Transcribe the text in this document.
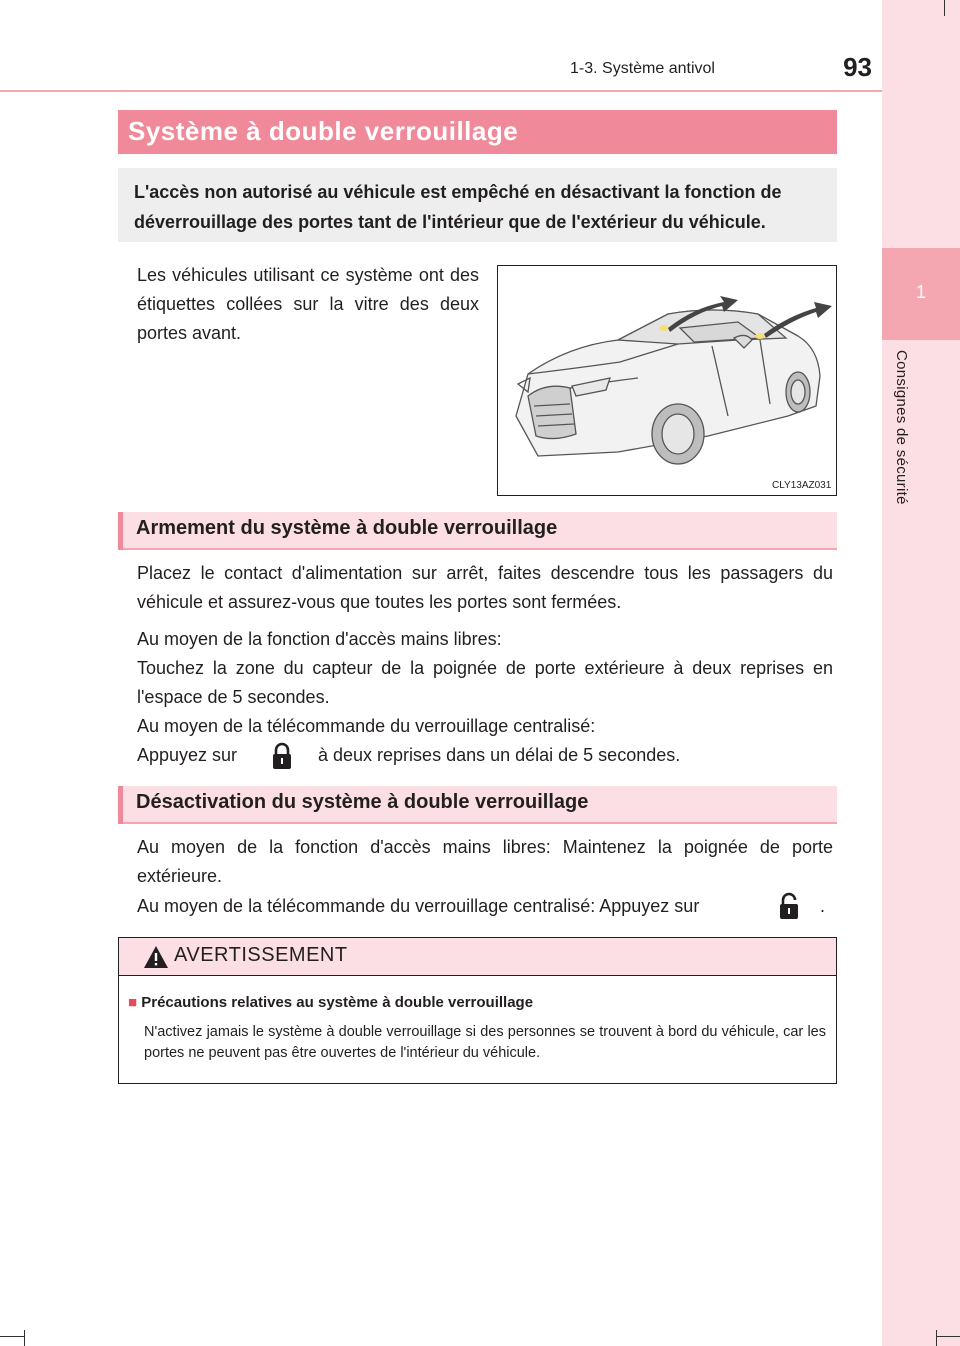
1
Consignes de sécurité
1-3. Système antivol	93
Système à double verrouillage
L'accès non autorisé au véhicule est empêché en désactivant la fonction de déverrouillage des portes tant de l'intérieur que de l'extérieur du véhicule.
Les véhicules utilisant ce système ont des étiquettes collées sur la vitre des deux portes avant.
CLY13AZ031
Armement du système à double verrouillage
Placez le contact d'alimentation sur arrêt, faites descendre tous les passagers du véhicule et assurez-vous que toutes les portes sont fermées.
Au moyen de la fonction d'accès mains libres:
Touchez la zone du capteur de la poignée de porte extérieure à deux reprises en l'espace de 5 secondes.
Au moyen de la télécommande du verrouillage centralisé:
Appuyez sur	à deux reprises dans un délai de 5 secondes.
Désactivation du système à double verrouillage
Au moyen de la fonction d'accès mains libres: Maintenez la poignée de porte extérieure.
Au moyen de la télécommande du verrouillage centralisé: Appuyez sur	.
AVERTISSEMENT
■ Précautions relatives au système à double verrouillage
N'activez jamais le système à double verrouillage si des personnes se trouvent à bord du véhicule, car les portes ne peuvent pas être ouvertes de l'intérieur du véhicule.
